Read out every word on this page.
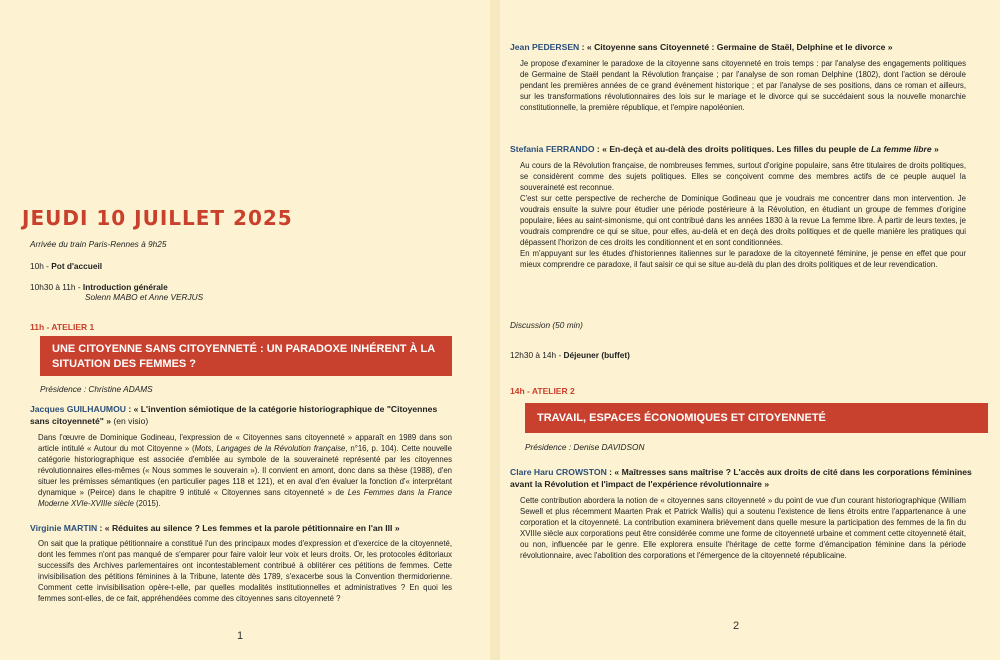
JEUDI 10 JUILLET 2025
Arrivée du train Paris-Rennes à 9h25
10h - Pot d'accueil
10h30 à 11h - Introduction générale
Solenn MABO et Anne VERJUS
11h - ATELIER 1
UNE CITOYENNE SANS CITOYENNETÉ : UN PARADOXE INHÉRENT À LA SITUATION DES FEMMES ?
Présidence : Christine ADAMS
Jacques GUILHAUMOU : « L'invention sémiotique de la catégorie historiographique de "Citoyennes sans citoyenneté" » (en visio)
Dans l'œuvre de Dominique Godineau, l'expression de « Citoyennes sans citoyenneté » apparaît en 1989 dans son article intitulé « Autour du mot Citoyenne » (Mots, Langages de la Révolution française, n°16, p. 104). Cette nouvelle catégorie historiographique est associée d'emblée au symbole de la souveraineté représenté par les citoyennes révolutionnaires elles-mêmes (« Nous sommes le souverain »). Il convient en amont, donc dans sa thèse (1988), d'en situer les prémisses sémantiques (en particulier pages 118 et 121), et en aval d'en évaluer la fonction d'« interprétant dynamique » (Peirce) dans le chapitre 9 intitulé « Citoyennes sans citoyenneté » de Les Femmes dans la France Moderne XVIe-XVIIIe siècle (2015).
Virginie MARTIN : « Réduites au silence ? Les femmes et la parole pétitionnaire en l'an III »
On sait que la pratique pétitionnaire a constitué l'un des principaux modes d'expression et d'exercice de la citoyenneté, dont les femmes n'ont pas manqué de s'emparer pour faire valoir leur voix et leurs droits. Or, les protocoles éditoriaux successifs des Archives parlementaires ont incontestablement contribué à oblitérer ces pétitions de femmes. Cette invisibilisation des pétitions féminines à la Tribune, latente dès 1789, s'exacerbe sous la Convention thermidorienne. Comment cette invisibilisation opère-t-elle, par quelles modalités institutionnelles et administratives ? En quoi les femmes sont-elles, de ce fait, appréhendées comme des citoyennes sans citoyenneté ?
1
Jean PEDERSEN : « Citoyenne sans Citoyenneté : Germaine de Staël, Delphine et le divorce »
Je propose d'examiner le paradoxe de la citoyenne sans citoyenneté en trois temps : par l'analyse des engagements politiques de Germaine de Staël pendant la Révolution française ; par l'analyse de son roman Delphine (1802), dont l'action se déroule pendant les premières années de ce grand événement historique ; et par l'analyse de ses positions, dans ce roman et ailleurs, sur les transformations révolutionnaires des lois sur le mariage et le divorce qui se succédaient sous la nouvelle monarchie constitutionnelle, la première république, et l'empire napoléonien.
Stefania FERRANDO : « En-deçà et au-delà des droits politiques. Les filles du peuple de La femme libre »
Au cours de la Révolution française, de nombreuses femmes, surtout d'origine populaire, sans être titulaires de droits politiques, se considèrent comme des sujets politiques. Elles se conçoivent comme des membres actifs de ce peuple auquel la souveraineté est reconnue.
C'est sur cette perspective de recherche de Dominique Godineau que je voudrais me concentrer dans mon intervention. Je voudrais ensuite la suivre pour étudier une période postérieure à la Révolution, en étudiant un groupe de femmes d'origine populaire, liées au saint-simonisme, qui ont contribué dans les années 1830 à la revue La femme libre. À partir de leurs textes, je voudrais comprendre ce qui se situe, pour elles, au-delà et en deçà des droits politiques et de quelle manière les pratiques qui dépassent l'horizon de ces droits les conditionnent et en sont conditionnées.
En m'appuyant sur les études d'historiennes italiennes sur le paradoxe de la citoyenneté féminine, je pense en effet que pour mieux comprendre ce paradoxe, il faut saisir ce qui se situe au-delà du plan des droits politiques et de leur revendication.
Discussion (50 min)
12h30 à 14h - Déjeuner (buffet)
14h - ATELIER 2
TRAVAIL, ESPACES ÉCONOMIQUES ET CITOYENNETÉ
Présidence : Denise DAVIDSON
Clare Haru CROWSTON : « Maîtresses sans maîtrise ? L'accès aux droits de cité dans les corporations féminines avant la Révolution et l'impact de l'expérience révolutionnaire »
Cette contribution abordera la notion de « citoyennes sans citoyenneté » du point de vue d'un courant historiographique (William Sewell et plus récemment Maarten Prak et Patrick Wallis) qui a soutenu l'existence de liens étroits entre l'appartenance à une corporation et la citoyenneté. La contribution examinera brièvement dans quelle mesure la participation des femmes de la fin du XVIIIe siècle aux corporations peut être considérée comme une forme de citoyenneté urbaine et comment cette citoyenneté était, ou non, influencée par le genre. Elle explorera ensuite l'héritage de cette forme d'émancipation féminine dans la période révolutionnaire, avec l'abolition des corporations et l'émergence de la citoyenneté républicaine.
2
